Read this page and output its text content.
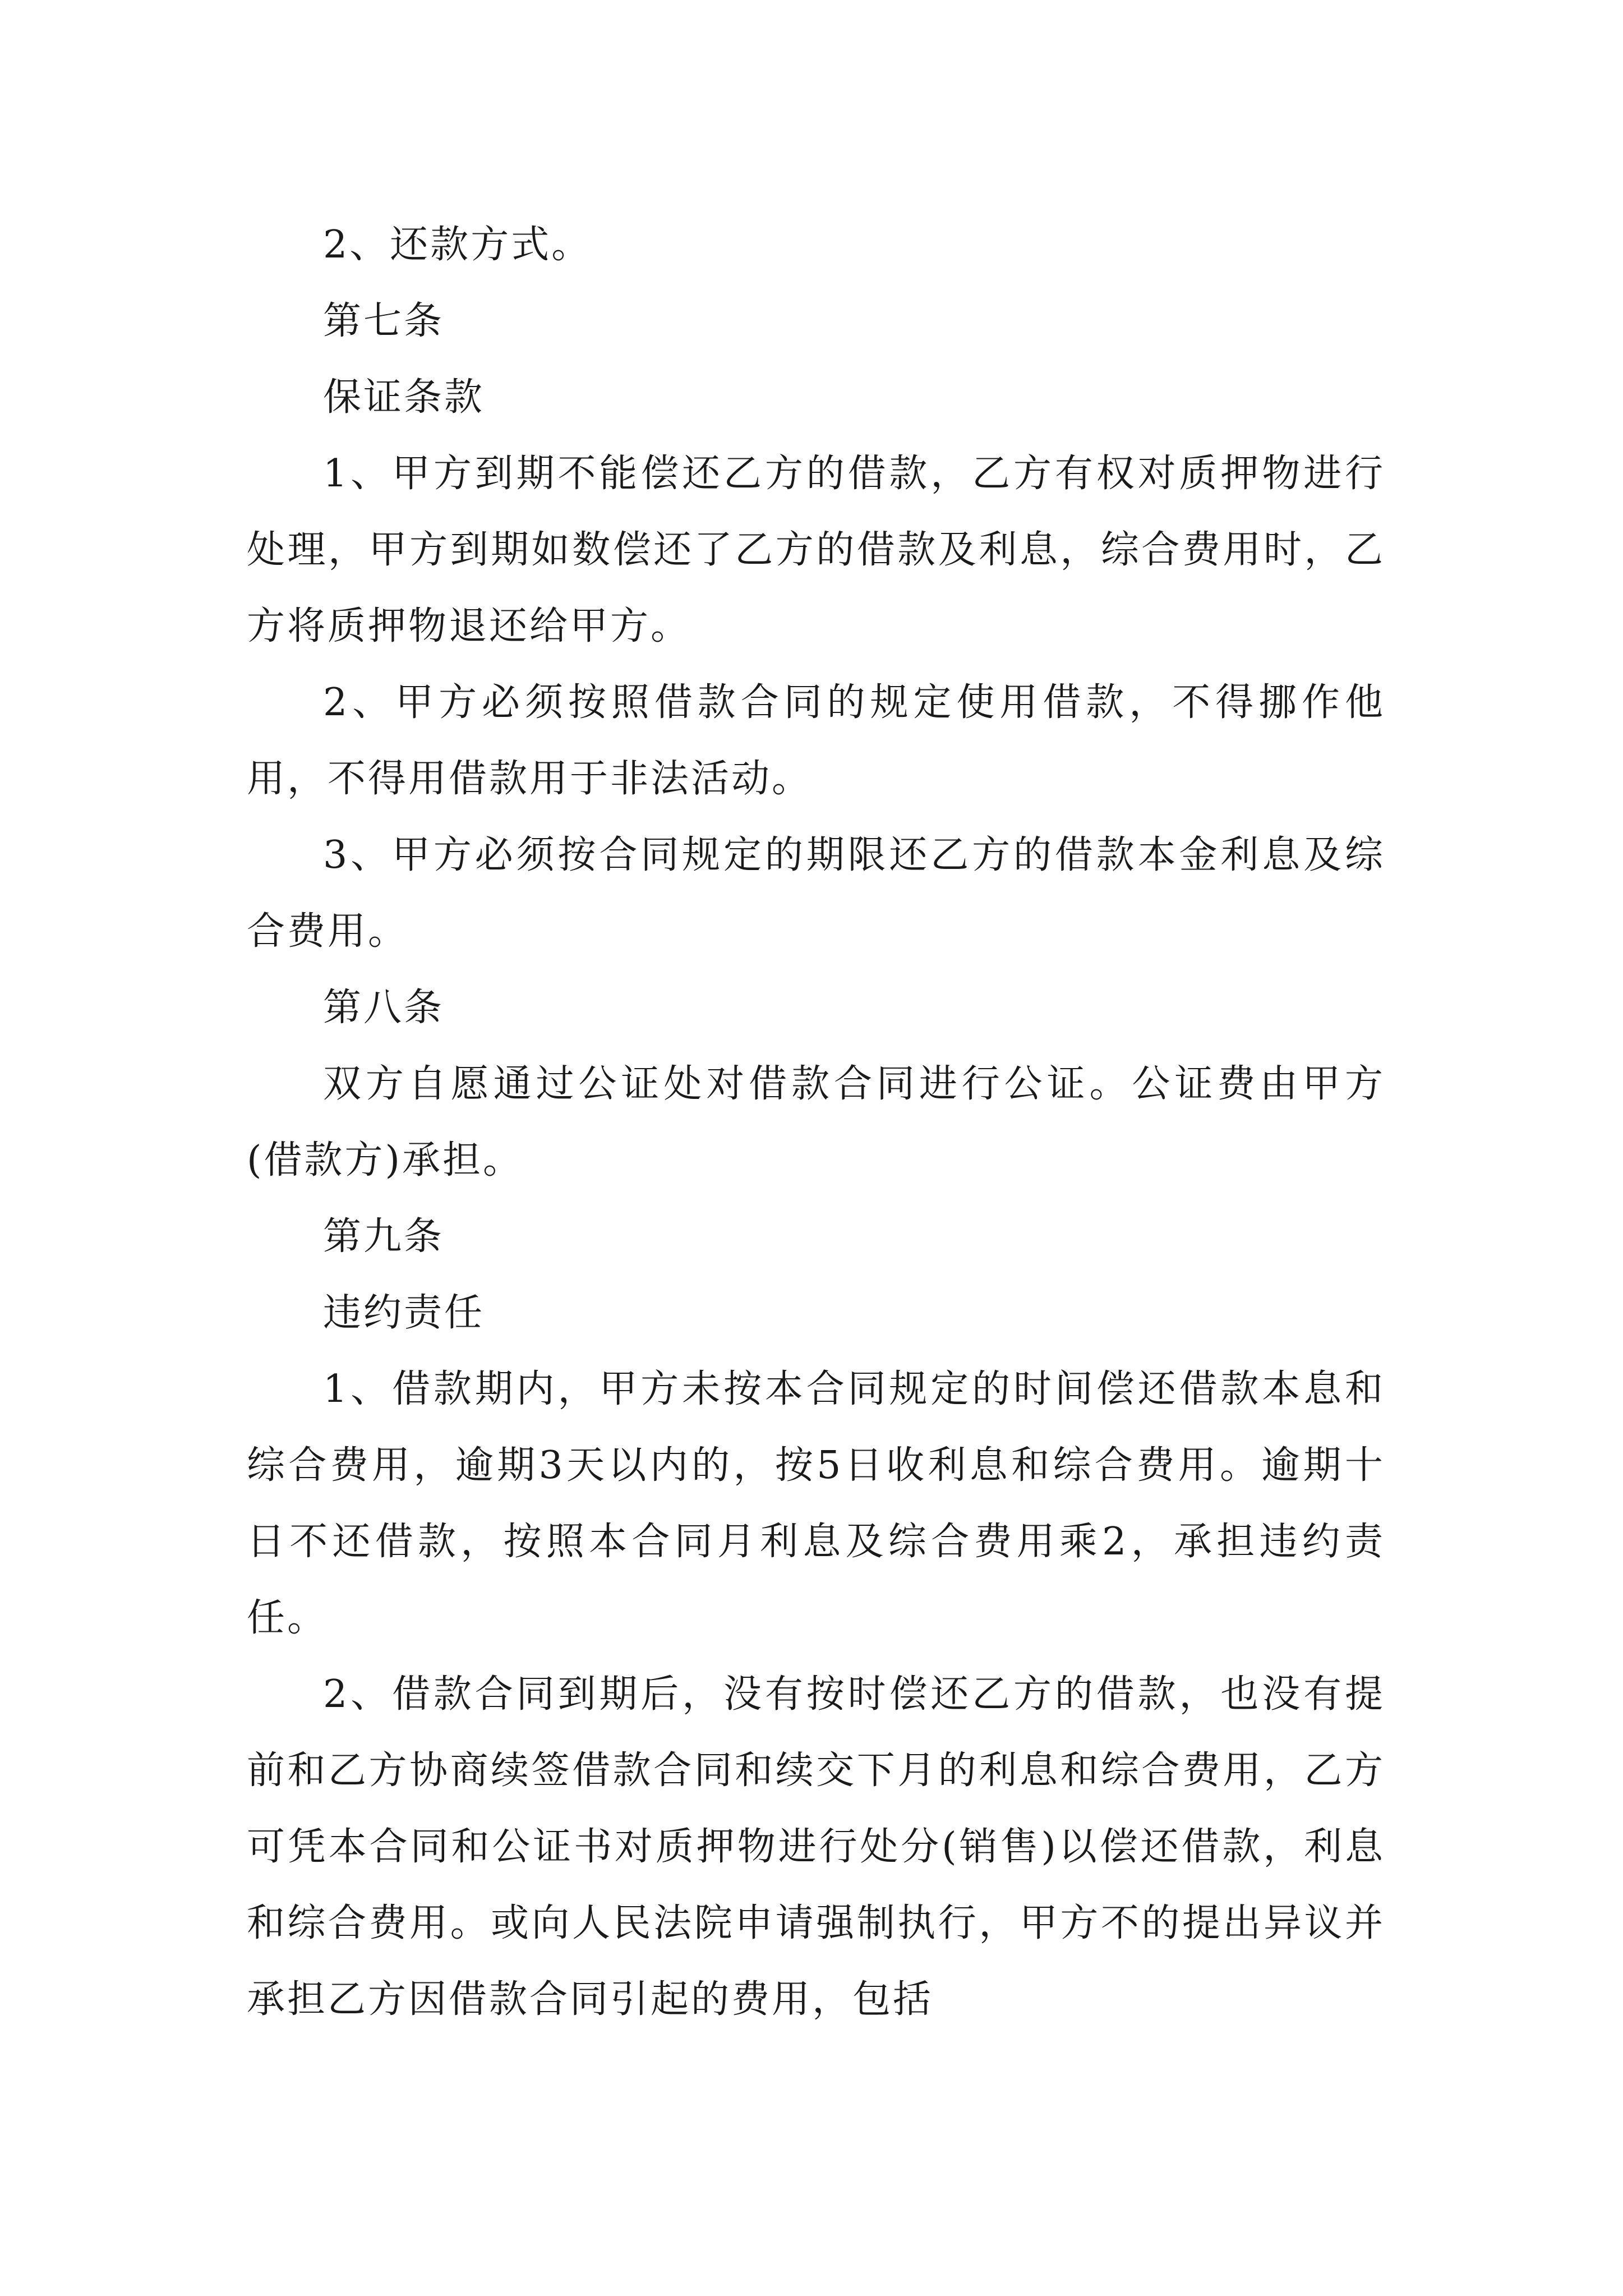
2、还款方式。

第七条

保证条款

1、甲方到期不能偿还乙方的借款，乙方有权对质押物进行处理，甲方到期如数偿还了乙方的借款及利息，综合费用时，乙方将质押物退还给甲方。

2、甲方必须按照借款合同的规定使用借款，不得挪作他用，不得用借款用于非法活动。

3、甲方必须按合同规定的期限还乙方的借款本金利息及综合费用。

第八条

双方自愿通过公证处对借款合同进行公证。公证费由甲方(借款方)承担。

第九条

违约责任

1、借款期内，甲方未按本合同规定的时间偿还借款本息和综合费用，逾期3天以内的，按5日收利息和综合费用。逾期十日不还借款，按照本合同月利息及综合费用乘2，承担违约责任。

2、借款合同到期后，没有按时偿还乙方的借款，也没有提前和乙方协商续签借款合同和续交下月的利息和综合费用，乙方可凭本合同和公证书对质押物进行处分(销售)以偿还借款，利息和综合费用。或向人民法院申请强制执行，甲方不的提出异议并承担乙方因借款合同引起的费用，包括
